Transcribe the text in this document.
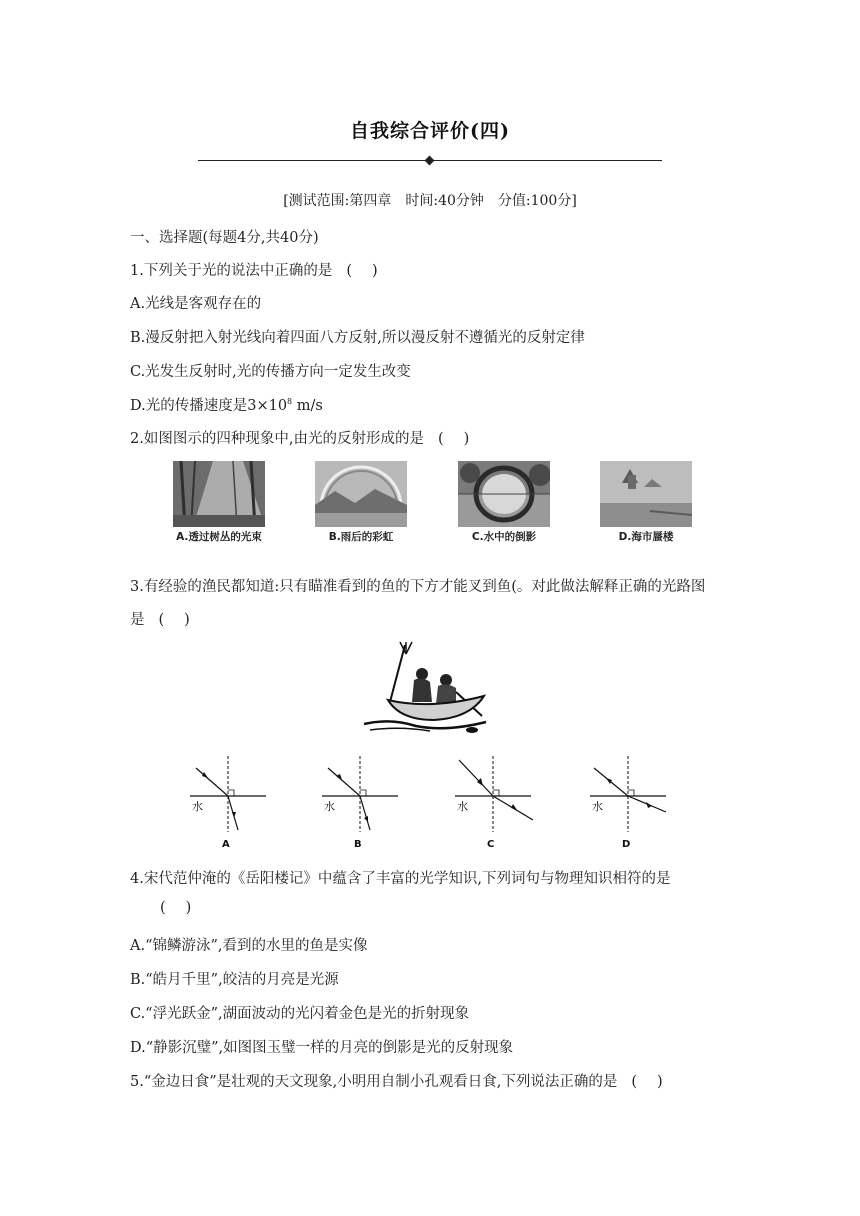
自我综合评价(四)
[测试范围:第四章　时间:40分钟　分值:100分]
一、选择题(每题4分,共40分)
1.下列关于光的说法中正确的是 ()
A.光线是客观存在的
B.漫反射把入射光线向着四面八方反射,所以漫反射不遵循光的反射定律
C.光发生反射时,光的传播方向一定发生改变
D.光的传播速度是$3\times 10^8$ m/s
2.如图图示的四种现象中,由光的反射形成的是 ()
A.透过树丛的光束	B.雨后的彩虹	C.水中的倒影	D.海市蜃楼
3.有经验的渔民都知道:只有瞄准看到的鱼的下方才能叉到鱼(。对此做法解释正确的光路图
是 ()
水
A
水
B
水
C
水
D
4.宋代范仲淹的《岳阳楼记》中蕴含了丰富的光学知识,下列词句与物理知识相符的是
()
A.“锦鳞游泳”,看到的水里的鱼是实像
B.“皓月千里”,皎洁的月亮是光源
C.“浮光跃金”,湖面波动的光闪着金色是光的折射现象
D.“静影沉璧”,如图图玉璧一样的月亮的倒影是光的反射现象
5.“金边日食”是壮观的天文现象,小明用自制小孔观看日食,下列说法正确的是 ()
